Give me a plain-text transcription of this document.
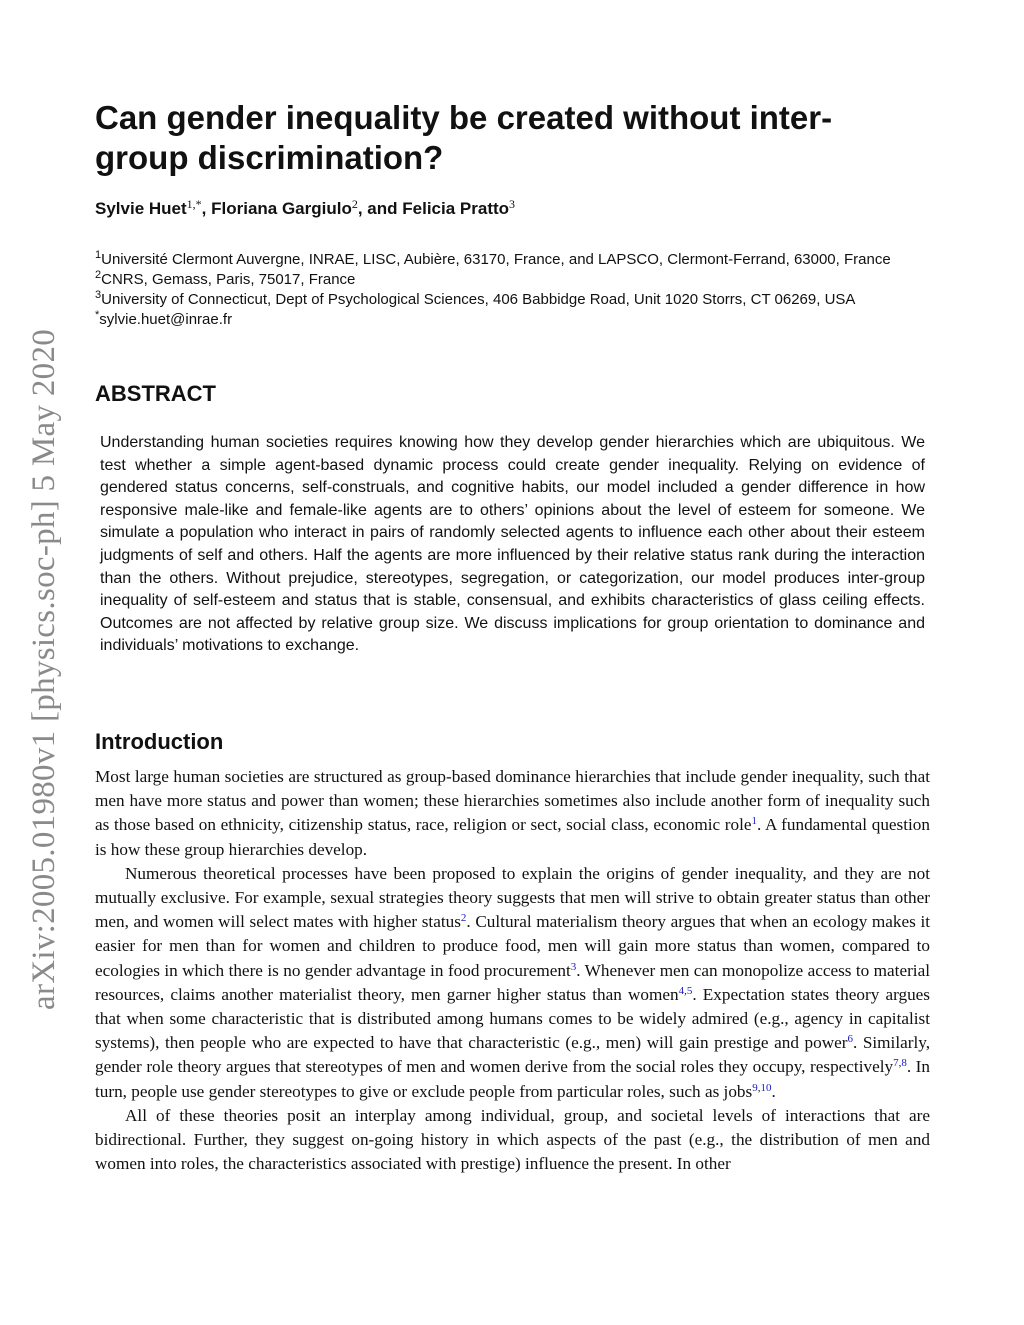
arXiv:2005.01980v1 [physics.soc-ph] 5 May 2020
Can gender inequality be created without inter-group discrimination?
Sylvie Huet$^{1,*}$, Floriana Gargiulo$^2$, and Felicia Pratto$^3$
$^1$Université Clermont Auvergne, INRAE, LISC, Aubière, 63170, France, and LAPSCO, Clermont-Ferrand, 63000, France
$^2$CNRS, Gemass, Paris, 75017, France
$^3$University of Connecticut, Dept of Psychological Sciences, 406 Babbidge Road, Unit 1020 Storrs, CT 06269, USA
*sylvie.huet@inrae.fr
ABSTRACT

Understanding human societies requires knowing how they develop gender hierarchies which are ubiquitous. We test whether a simple agent-based dynamic process could create gender inequality. Relying on evidence of gendered status concerns, self-construals, and cognitive habits, our model included a gender difference in how responsive male-like and female-like agents are to others’ opinions about the level of esteem for someone. We simulate a population who interact in pairs of randomly selected agents to influence each other about their esteem judgments of self and others. Half the agents are more influenced by their relative status rank during the interaction than the others. Without prejudice, stereotypes, segregation, or categorization, our model produces inter-group inequality of self-esteem and status that is stable, consensual, and exhibits characteristics of glass ceiling effects. Outcomes are not affected by relative group size. We discuss implications for group orientation to dominance and individuals’ motivations to exchange.

Introduction

Most large human societies are structured as group-based dominance hierarchies that include gender inequality, such that men have more status and power than women; these hierarchies sometimes also include another form of inequality such as those based on ethnicity, citizenship status, race, religion or sect, social class, economic role$^1$. A fundamental question is how these group hierarchies develop.

Numerous theoretical processes have been proposed to explain the origins of gender inequality, and they are not mutually exclusive. For example, sexual strategies theory suggests that men will strive to obtain greater status than other men, and women will select mates with higher status$^2$. Cultural materialism theory argues that when an ecology makes it easier for men than for women and children to produce food, men will gain more status than women, compared to ecologies in which there is no gender advantage in food procurement$^3$. Whenever men can monopolize access to material resources, claims another materialist theory, men garner higher status than women$^{4,5}$. Expectation states theory argues that when some characteristic that is distributed among humans comes to be widely admired (e.g., agency in capitalist systems), then people who are expected to have that characteristic (e.g., men) will gain prestige and power$^6$. Similarly, gender role theory argues that stereotypes of men and women derive from the social roles they occupy, respectively$^{7,8}$. In turn, people use gender stereotypes to give or exclude people from particular roles, such as jobs$^{9,10}$.

All of these theories posit an interplay among individual, group, and societal levels of interactions that are bidirectional. Further, they suggest on-going history in which aspects of the past (e.g., the distribution of men and women into roles, the characteristics associated with prestige) influence the present. In other
